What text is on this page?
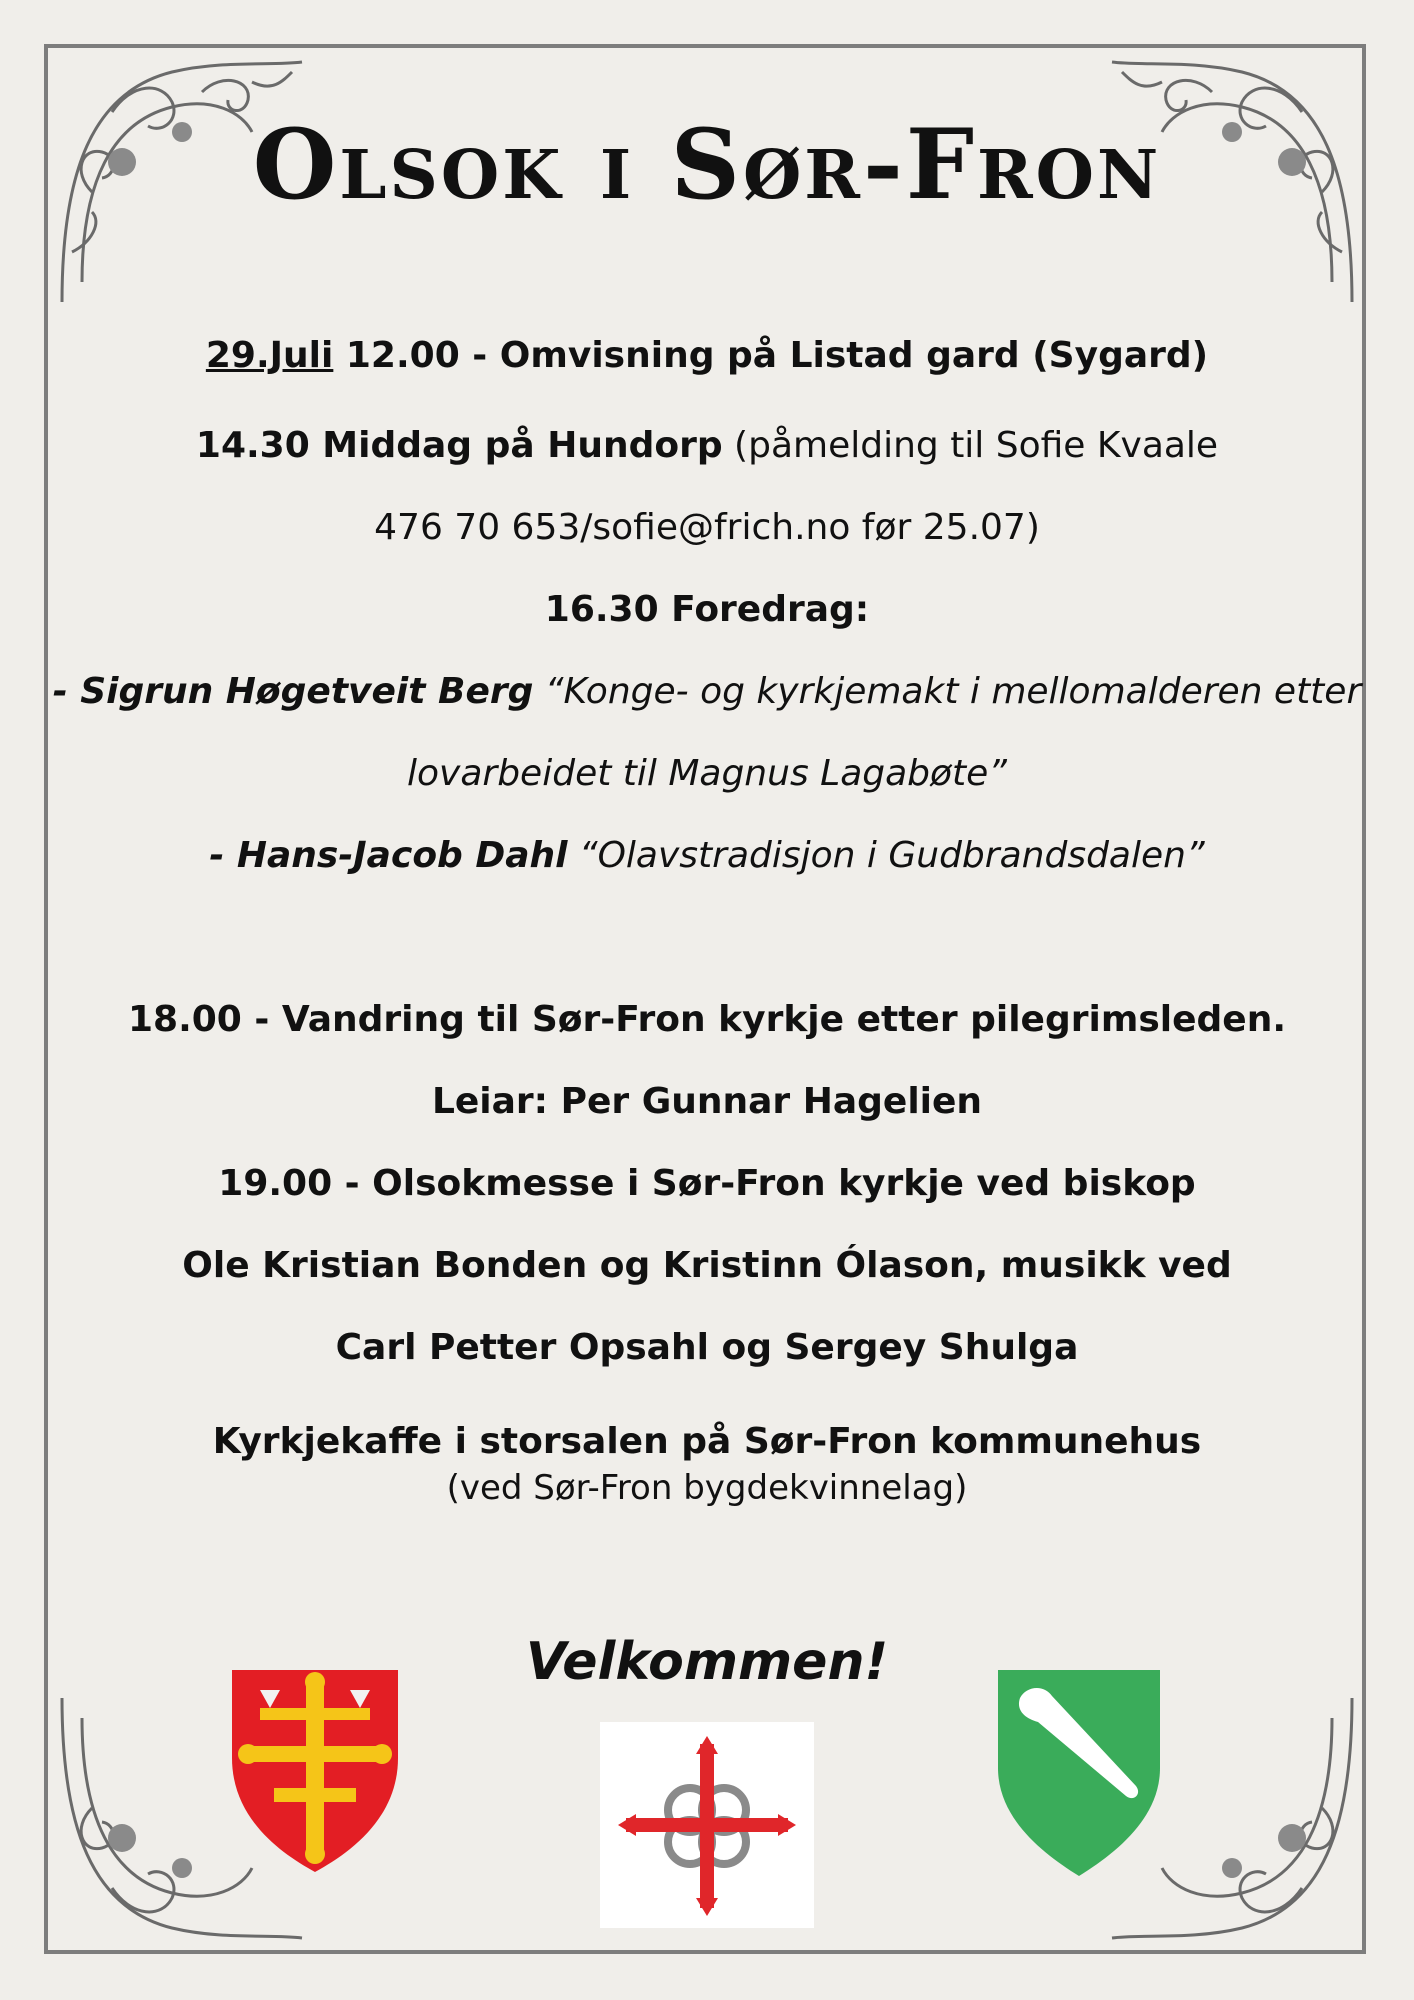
Olsok i Sør-Fron
29.Juli 12.00 - Omvisning på Listad gard (Sygard)
14.30 Middag på Hundorp (påmelding til Sofie Kvaale
476 70 653/sofie@frich.no før 25.07)
16.30 Foredrag:
- Sigrun Høgetveit Berg “Konge- og kyrkjemakt i mellomalderen etter
lovarbeidet til Magnus Lagabøte”
- Hans-Jacob Dahl “Olavstradisjon i Gudbrandsdalen”
18.00 - Vandring til Sør-Fron kyrkje etter pilegrimsleden.
Leiar: Per Gunnar Hagelien
19.00 - Olsokmesse i Sør-Fron kyrkje ved biskop
Ole Kristian Bonden og Kristinn Ólason, musikk ved
Carl Petter Opsahl og Sergey Shulga
Kyrkjekaffe i storsalen på Sør-Fron kommunehus
(ved Sør-Fron bygdekvinnelag)
Velkommen!
